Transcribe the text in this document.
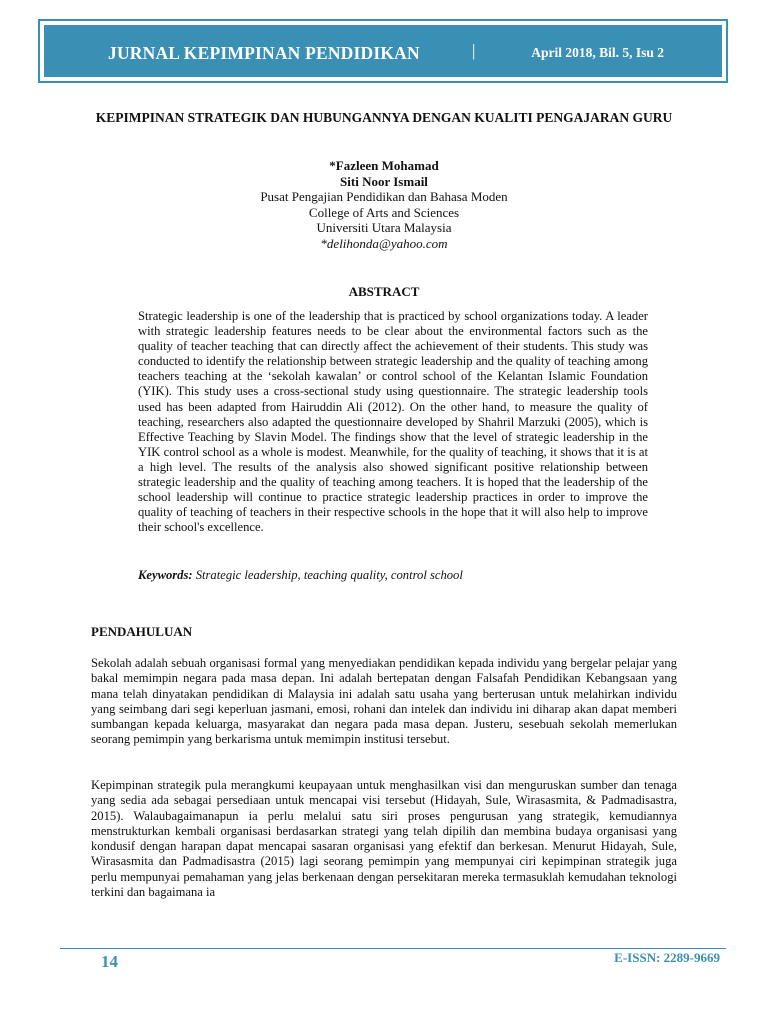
JURNAL KEPIMPINAN PENDIDIKAN	|	April 2018, Bil. 5, Isu 2
KEPIMPINAN STRATEGIK DAN HUBUNGANNYA DENGAN KUALITI PENGAJARAN GURU
*Fazleen Mohamad
Siti Noor Ismail
Pusat Pengajian Pendidikan dan Bahasa Moden
College of Arts and Sciences
Universiti Utara Malaysia
*delihonda@yahoo.com
ABSTRACT

Strategic leadership is one of the leadership that is practiced by school organizations today. A leader with strategic leadership features needs to be clear about the environmental factors such as the quality of teacher teaching that can directly affect the achievement of their students. This study was conducted to identify the relationship between strategic leadership and the quality of teaching among teachers teaching at the ‘sekolah kawalan’ or control school of the Kelantan Islamic Foundation (YIK). This study uses a cross-sectional study using questionnaire. The strategic leadership tools used has been adapted from Hairuddin Ali (2012). On the other hand, to measure the quality of teaching, researchers also adapted the questionnaire developed by Shahril Marzuki (2005), which is Effective Teaching by Slavin Model. The findings show that the level of strategic leadership in the YIK control school as a whole is modest. Meanwhile, for the quality of teaching, it shows that it is at a high level. The results of the analysis also showed significant positive relationship between strategic leadership and the quality of teaching among teachers. It is hoped that the leadership of the school leadership will continue to practice strategic leadership practices in order to improve the quality of teaching of teachers in their respective schools in the hope that it will also help to improve their school's excellence.

Keywords: Strategic leadership, teaching quality, control school

PENDAHULUAN

Sekolah adalah sebuah organisasi formal yang menyediakan pendidikan kepada individu yang bergelar pelajar yang bakal memimpin negara pada masa depan. Ini adalah bertepatan dengan Falsafah Pendidikan Kebangsaan yang mana telah dinyatakan pendidikan di Malaysia ini adalah satu usaha yang berterusan untuk melahirkan individu yang seimbang dari segi keperluan jasmani, emosi, rohani dan intelek dan individu ini diharap akan dapat memberi sumbangan kepada keluarga, masyarakat dan negara pada masa depan. Justeru, sesebuah sekolah memerlukan seorang pemimpin yang berkarisma untuk memimpin institusi tersebut.

Kepimpinan strategik pula merangkumi keupayaan untuk menghasilkan visi dan menguruskan sumber dan tenaga yang sedia ada sebagai persediaan untuk mencapai visi tersebut (Hidayah, Sule, Wirasasmita, & Padmadisastra, 2015). Walaubagaimanapun ia perlu melalui satu siri proses pengurusan yang strategik, kemudiannya menstrukturkan kembali organisasi berdasarkan strategi yang telah dipilih dan membina budaya organisasi yang kondusif dengan harapan dapat mencapai sasaran organisasi yang efektif dan berkesan. Menurut Hidayah, Sule, Wirasasmita dan Padmadisastra (2015) lagi seorang pemimpin yang mempunyai ciri kepimpinan strategik juga perlu mempunyai pemahaman yang jelas berkenaan dengan persekitaran mereka termasuklah kemudahan teknologi terkini dan bagaimana ia

14	E-ISSN: 2289-9669
